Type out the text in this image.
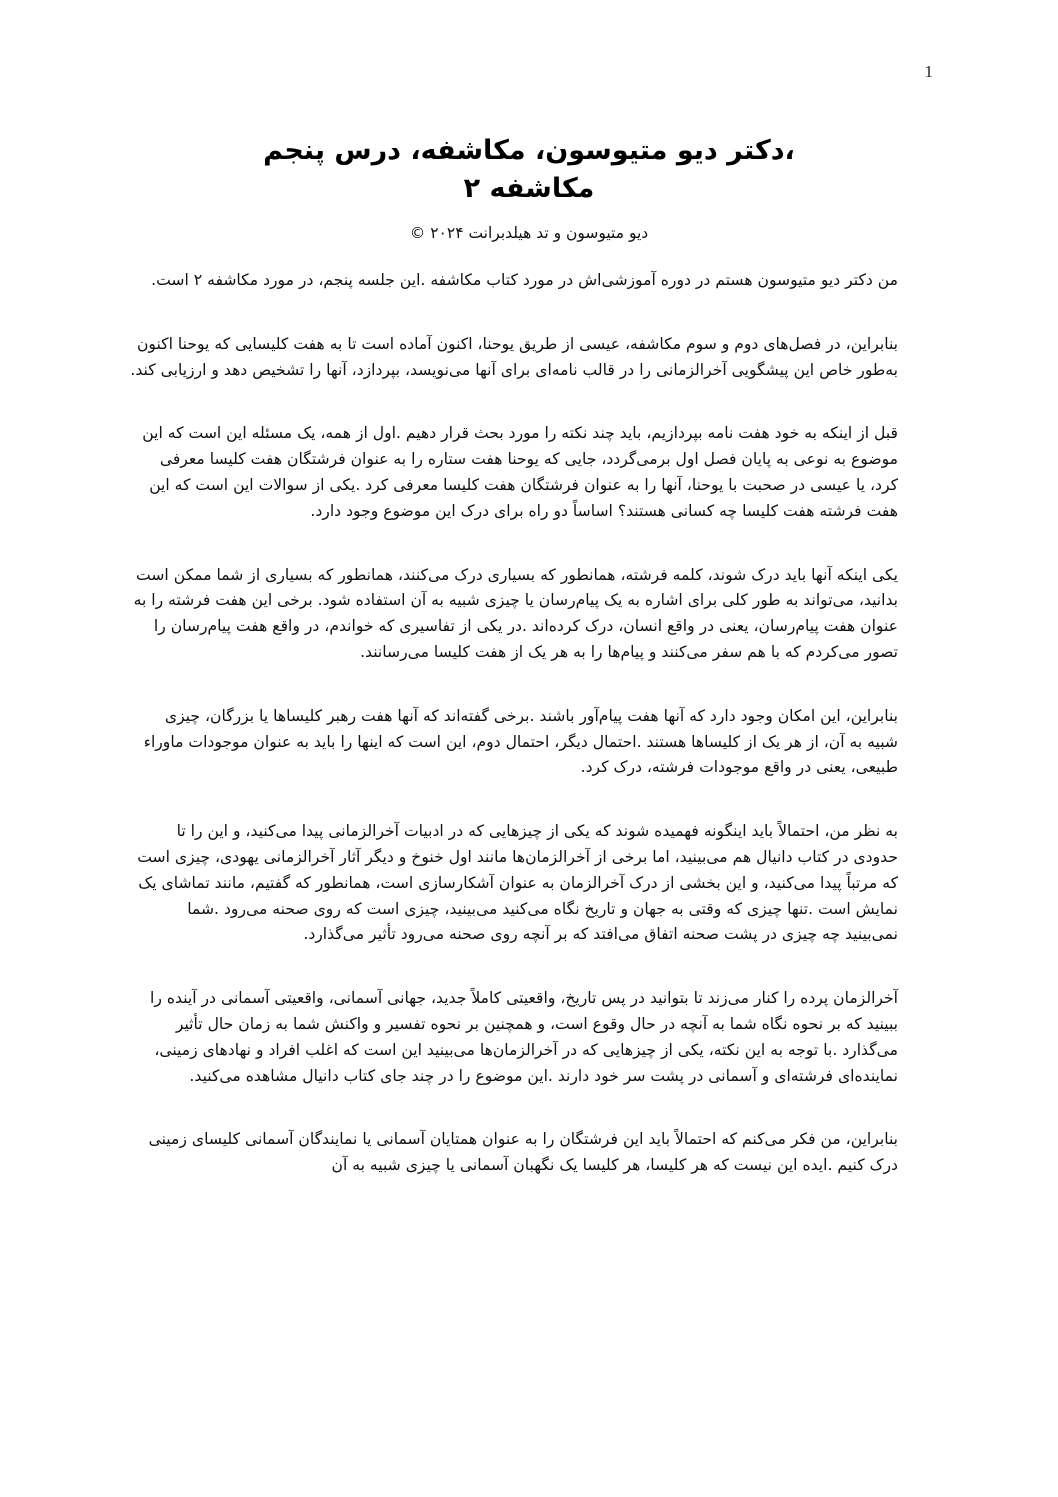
1
،دکتر دیو متیوسون، مکاشفه، درس پنجم
مکاشفه ۲
دیو متیوسون و تد هیلدبرانت ۲۰۲۴ ©

من دکتر دیو متیوسون هستم در دوره آموزشی‌اش در مورد کتاب مکاشفه .این جلسه پنجم، در مورد مکاشفه ۲ است.

بنابراین، در فصل‌های دوم و سوم مکاشفه، عیسی از طریق یوحنا، اکنون آماده است تا به هفت کلیسایی که یوحنا اکنون به‌طور خاص این پیشگویی آخرالزمانی را در قالب نامه‌ای برای آنها می‌نویسد، بپردازد، آنها را تشخیص دهد و ارزیابی کند.

قبل از اینکه به خود هفت نامه بپردازیم، باید چند نکته را مورد بحث قرار دهیم .اول از همه، یک مسئله این است که این موضوع به نوعی به پایان فصل اول برمی‌گردد، جایی که یوحنا هفت ستاره را به عنوان فرشتگان هفت کلیسا معرفی کرد، یا عیسی در صحبت با یوحنا، آنها را به عنوان فرشتگان هفت کلیسا معرفی کرد .یکی از سوالات این است که این هفت فرشته هفت کلیسا چه کسانی هستند؟ اساساً دو راه برای درک این موضوع وجود دارد.

یکی اینکه آنها باید درک شوند، کلمه فرشته، همانطور که بسیاری درک می‌کنند، همانطور که بسیاری از شما ممکن است بدانید، می‌تواند به طور کلی برای اشاره به یک پیام‌رسان یا چیزی شبیه به آن استفاده شود. برخی این هفت فرشته را به عنوان هفت پیام‌رسان، یعنی در واقع انسان، درک کرده‌اند .در یکی از تفاسیری که خواندم، در واقع هفت پیام‌رسان را تصور می‌کردم که با هم سفر می‌کنند و پیام‌ها را به هر یک از هفت کلیسا می‌رسانند.

بنابراین، این امکان وجود دارد که آنها هفت پیام‌آور باشند .برخی گفته‌اند که آنها هفت رهبر کلیساها یا بزرگان، چیزی شبیه به آن، از هر یک از کلیساها هستند .احتمال دیگر، احتمال دوم، این است که اینها را باید به عنوان موجودات ماوراء طبیعی، یعنی در واقع موجودات فرشته، درک کرد.

به نظر من، احتمالاً باید اینگونه فهمیده شوند که یکی از چیزهایی که در ادبیات آخرالزمانی پیدا می‌کنید، و این را تا حدودی در کتاب دانیال هم می‌بینید، اما برخی از آخرالزمان‌ها مانند اول خنوخ و دیگر آثار آخرالزمانی یهودی، چیزی است که مرتباً پیدا می‌کنید، و این بخشی از درک آخرالزمان به عنوان آشکارسازی است، همانطور که گفتیم، مانند تماشای یک نمایش است .تنها چیزی که وقتی به جهان و تاریخ نگاه می‌کنید می‌بینید، چیزی است که روی صحنه می‌رود .شما نمی‌بینید چه چیزی در پشت صحنه اتفاق می‌افتد که بر آنچه روی صحنه می‌رود تأثیر می‌گذارد.

آخرالزمان پرده را کنار می‌زند تا بتوانید در پس تاریخ، واقعیتی کاملاً جدید، جهانی آسمانی، واقعیتی آسمانی در آینده را ببینید که بر نحوه نگاه شما به آنچه در حال وقوع است، و همچنین بر نحوه تفسیر و واکنش شما به زمان حال تأثیر می‌گذارد .با توجه به این نکته، یکی از چیزهایی که در آخرالزمان‌ها می‌بینید این است که اغلب افراد و نهادهای زمینی، نماینده‌ای فرشته‌ای و آسمانی در پشت سر خود دارند .این موضوع را در چند جای کتاب دانیال مشاهده می‌کنید.

بنابراین، من فکر می‌کنم که احتمالاً باید این فرشتگان را به عنوان همتایان آسمانی یا نمایندگان آسمانی کلیسای زمینی درک کنیم .ایده این نیست که هر کلیسا، هر کلیسا یک نگهبان آسمانی یا چیزی شبیه به آن
